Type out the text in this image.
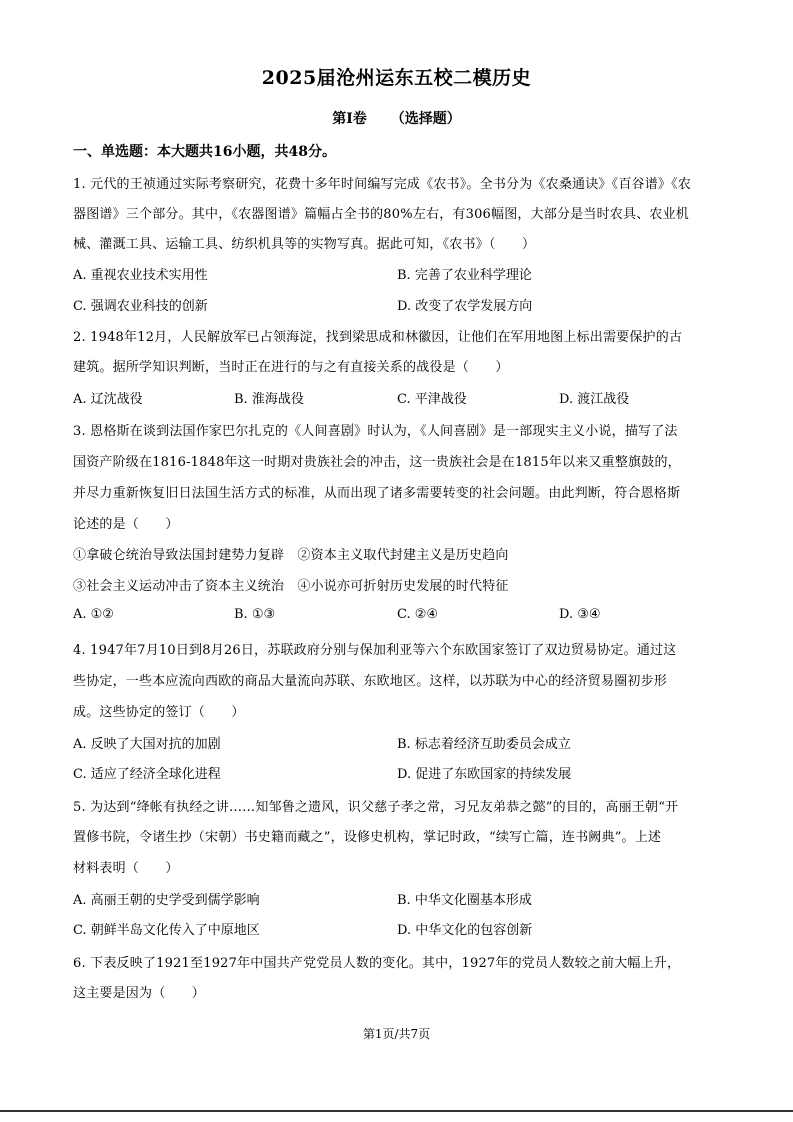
2025届沧州运东五校二模历史
第I卷 （选择题）
一、单选题：本大题共16小题，共48分。
1. 元代的王祯通过实际考察研究，花费十多年时间编写完成《农书》。全书分为《农桑通诀》《百谷谱》《农
器图谱》三个部分。其中，《农器图谱》篇幅占全书的80%左右，有306幅图，大部分是当时农具、农业机
械、灌溉工具、运输工具、纺织机具等的实物写真。据此可知，《农书》（　　）
A. 重视农业技术实用性	B. 完善了农业科学理论
C. 强调农业科技的创新	D. 改变了农学发展方向
2. 1948年12月，人民解放军已占领海淀，找到梁思成和林徽因，让他们在军用地图上标出需要保护的古
建筑。据所学知识判断，当时正在进行的与之有直接关系的战役是（　　）
A. 辽沈战役	B. 淮海战役	C. 平津战役	D. 渡江战役
3. 恩格斯在谈到法国作家巴尔扎克的《人间喜剧》时认为，《人间喜剧》是一部现实主义小说，描写了法
国资产阶级在1816-1848年这一时期对贵族社会的冲击，这一贵族社会是在1815年以来又重整旗鼓的，
并尽力重新恢复旧日法国生活方式的标准，从而出现了诸多需要转变的社会问题。由此判断，符合恩格斯
论述的是（　　）
①拿破仑统治导致法国封建势力复辟　②资本主义取代封建主义是历史趋向
③社会主义运动冲击了资本主义统治　④小说亦可折射历史发展的时代特征
A. ①②	B. ①③	C. ②④	D. ③④
4. 1947年7月10日到8月26日，苏联政府分别与保加利亚等六个东欧国家签订了双边贸易协定。通过这
些协定，一些本应流向西欧的商品大量流向苏联、东欧地区。这样，以苏联为中心的经济贸易圈初步形
成。这些协定的签订（　　）
A. 反映了大国对抗的加剧	B. 标志着经济互助委员会成立
C. 适应了经济全球化进程	D. 促进了东欧国家的持续发展
5. 为达到“绛帐有执经之讲……知邹鲁之遗风，识父慈子孝之常，习兄友弟恭之懿”的目的，高丽王朝“开
置修书院，令诸生抄（宋朝）书史籍而藏之”，设修史机构，掌记时政，“续写亡篇，连书阙典”。上述
材料表明（　　）
A. 高丽王朝的史学受到儒学影响	B. 中华文化圈基本形成
C. 朝鲜半岛文化传入了中原地区	D. 中华文化的包容创新
6. 下表反映了1921至1927年中国共产党党员人数的变化。其中，1927年的党员人数较之前大幅上升，
这主要是因为（　　）
第1页/共7页
